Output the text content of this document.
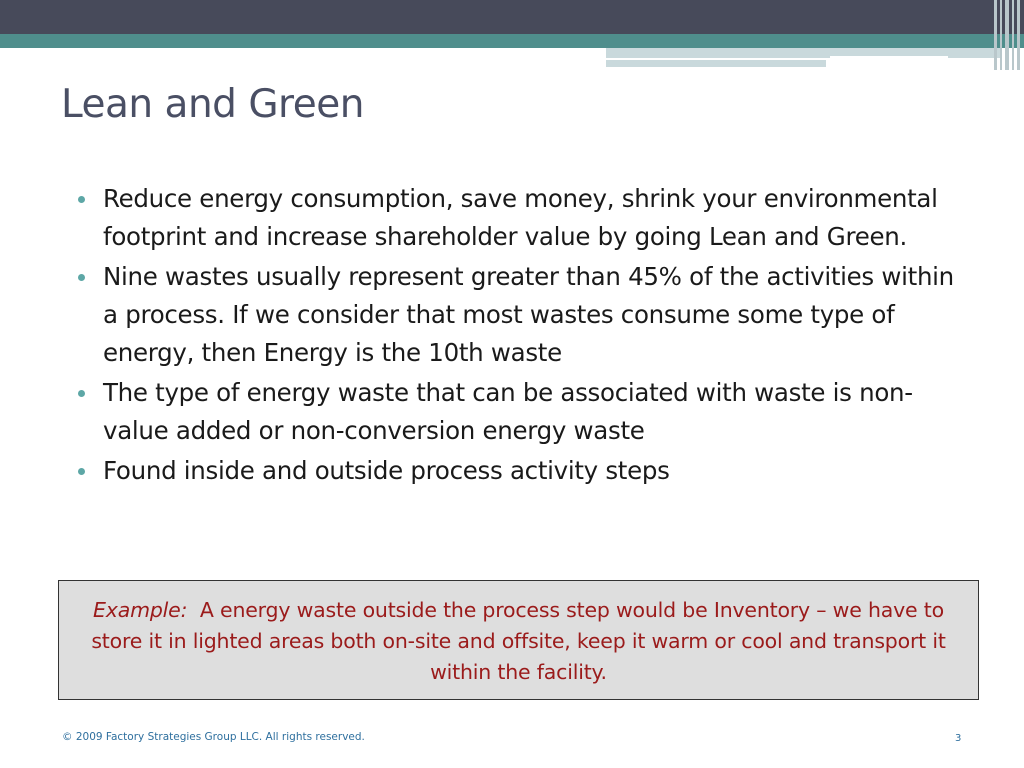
Lean and Green
Reduce energy consumption, save money, shrink your environmental footprint and increase shareholder value by going Lean and Green.
Nine wastes usually represent greater than 45% of the activities within a process. If we consider that most wastes consume some type of energy, then Energy is the 10th waste
The type of energy waste that can be associated with waste is non-value added or non-conversion energy waste
Found inside and outside process activity steps
Example: A energy waste outside the process step would be Inventory – we have to store it in lighted areas both on-site and offsite, keep it warm or cool and transport it within the facility.
© 2009 Factory Strategies Group LLC. All rights reserved.	3
